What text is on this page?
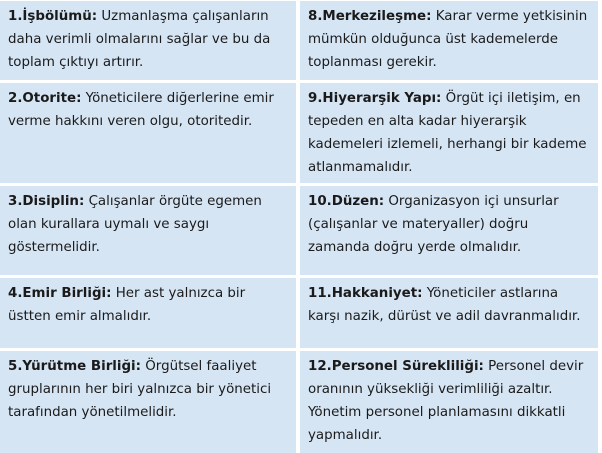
1.İşbölümü: Uzmanlaşma çalışanların daha verimli olmalarını sağlar ve bu da toplam çıktıyı artırır.
8.Merkezileşme: Karar verme yetkisinin mümkün olduğunca üst kademelerde toplanması gerekir.
2.Otorite: Yöneticilere diğerlerine emir verme hakkını veren olgu, otoritedir.
9.Hiyerarşik Yapı: Örgüt içi iletişim, en tepeden en alta kadar hiyerarşik kademeleri izlemeli, herhangi bir kademe atlanmamalıdır.
3.Disiplin: Çalışanlar örgüte egemen olan kurallara uymalı ve saygı göstermelidir.
10.Düzen: Organizasyon içi unsurlar (çalışanlar ve materyaller) doğru zamanda doğru yerde olmalıdır.
4.Emir Birliği: Her ast yalnızca bir üstten emir almalıdır.
11.Hakkaniyet: Yöneticiler astlarına karşı nazik, dürüst ve adil davranmalıdır.
5.Yürütme Birliği: Örgütsel faaliyet gruplarının her biri yalnızca bir yönetici tarafından yönetilmelidir.
12.Personel Sürekliliği: Personel devir oranının yüksekliği verimliliği azaltır. Yönetim personel planlamasını dikkatli yapmalıdır.
